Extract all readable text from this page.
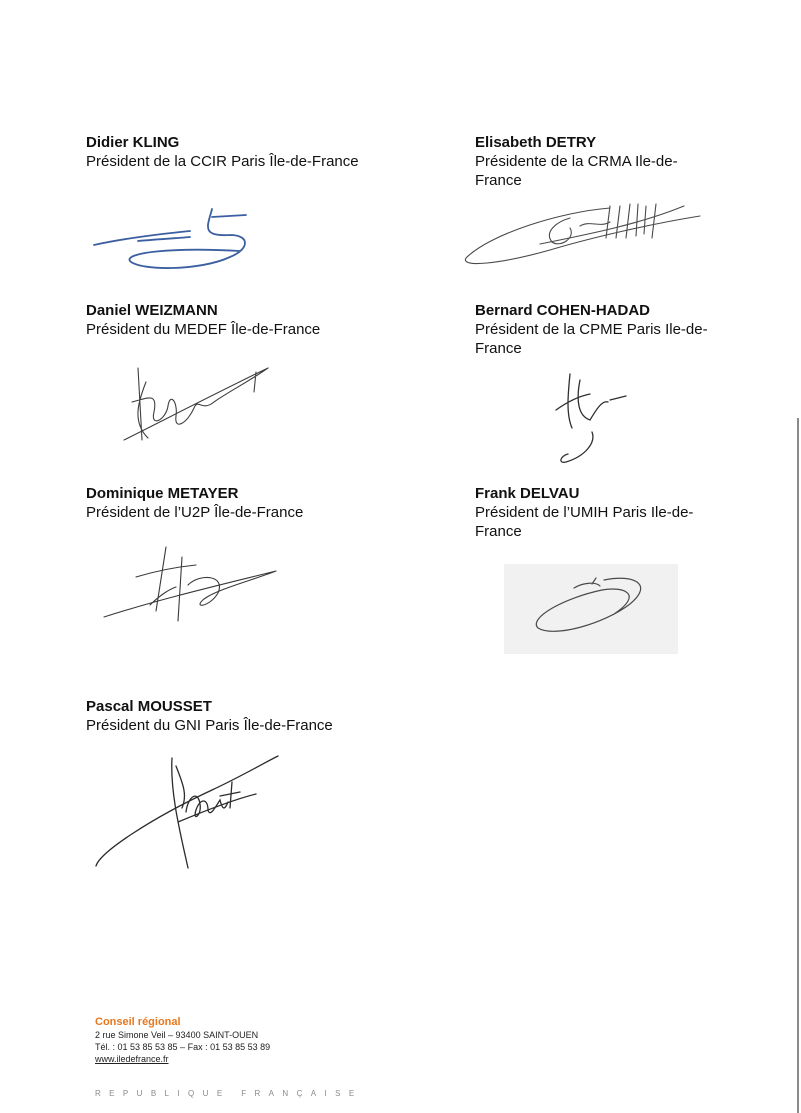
Didier KLING

Président de la CCIR Paris Île-de-France

Elisabeth DETRY

Présidente de la CRMA Ile-de-France

Daniel WEIZMANN

Président du MEDEF Île-de-France

Bernard COHEN-HADAD

Président de la CPME Paris Ile-de-France

Dominique METAYER

Président de l’U2P Île-de-France

Frank DELVAU

Président de l’UMIH Paris Ile-de-France

Pascal MOUSSET

Président du GNI Paris Île-de-France

Conseil régional
2 rue Simone Veil – 93400 SAINT-OUEN
Tél. : 01 53 85 53 85 – Fax : 01 53 85 53 89
www.iledefrance.fr
REPUBLIQUE FRANÇAISE
